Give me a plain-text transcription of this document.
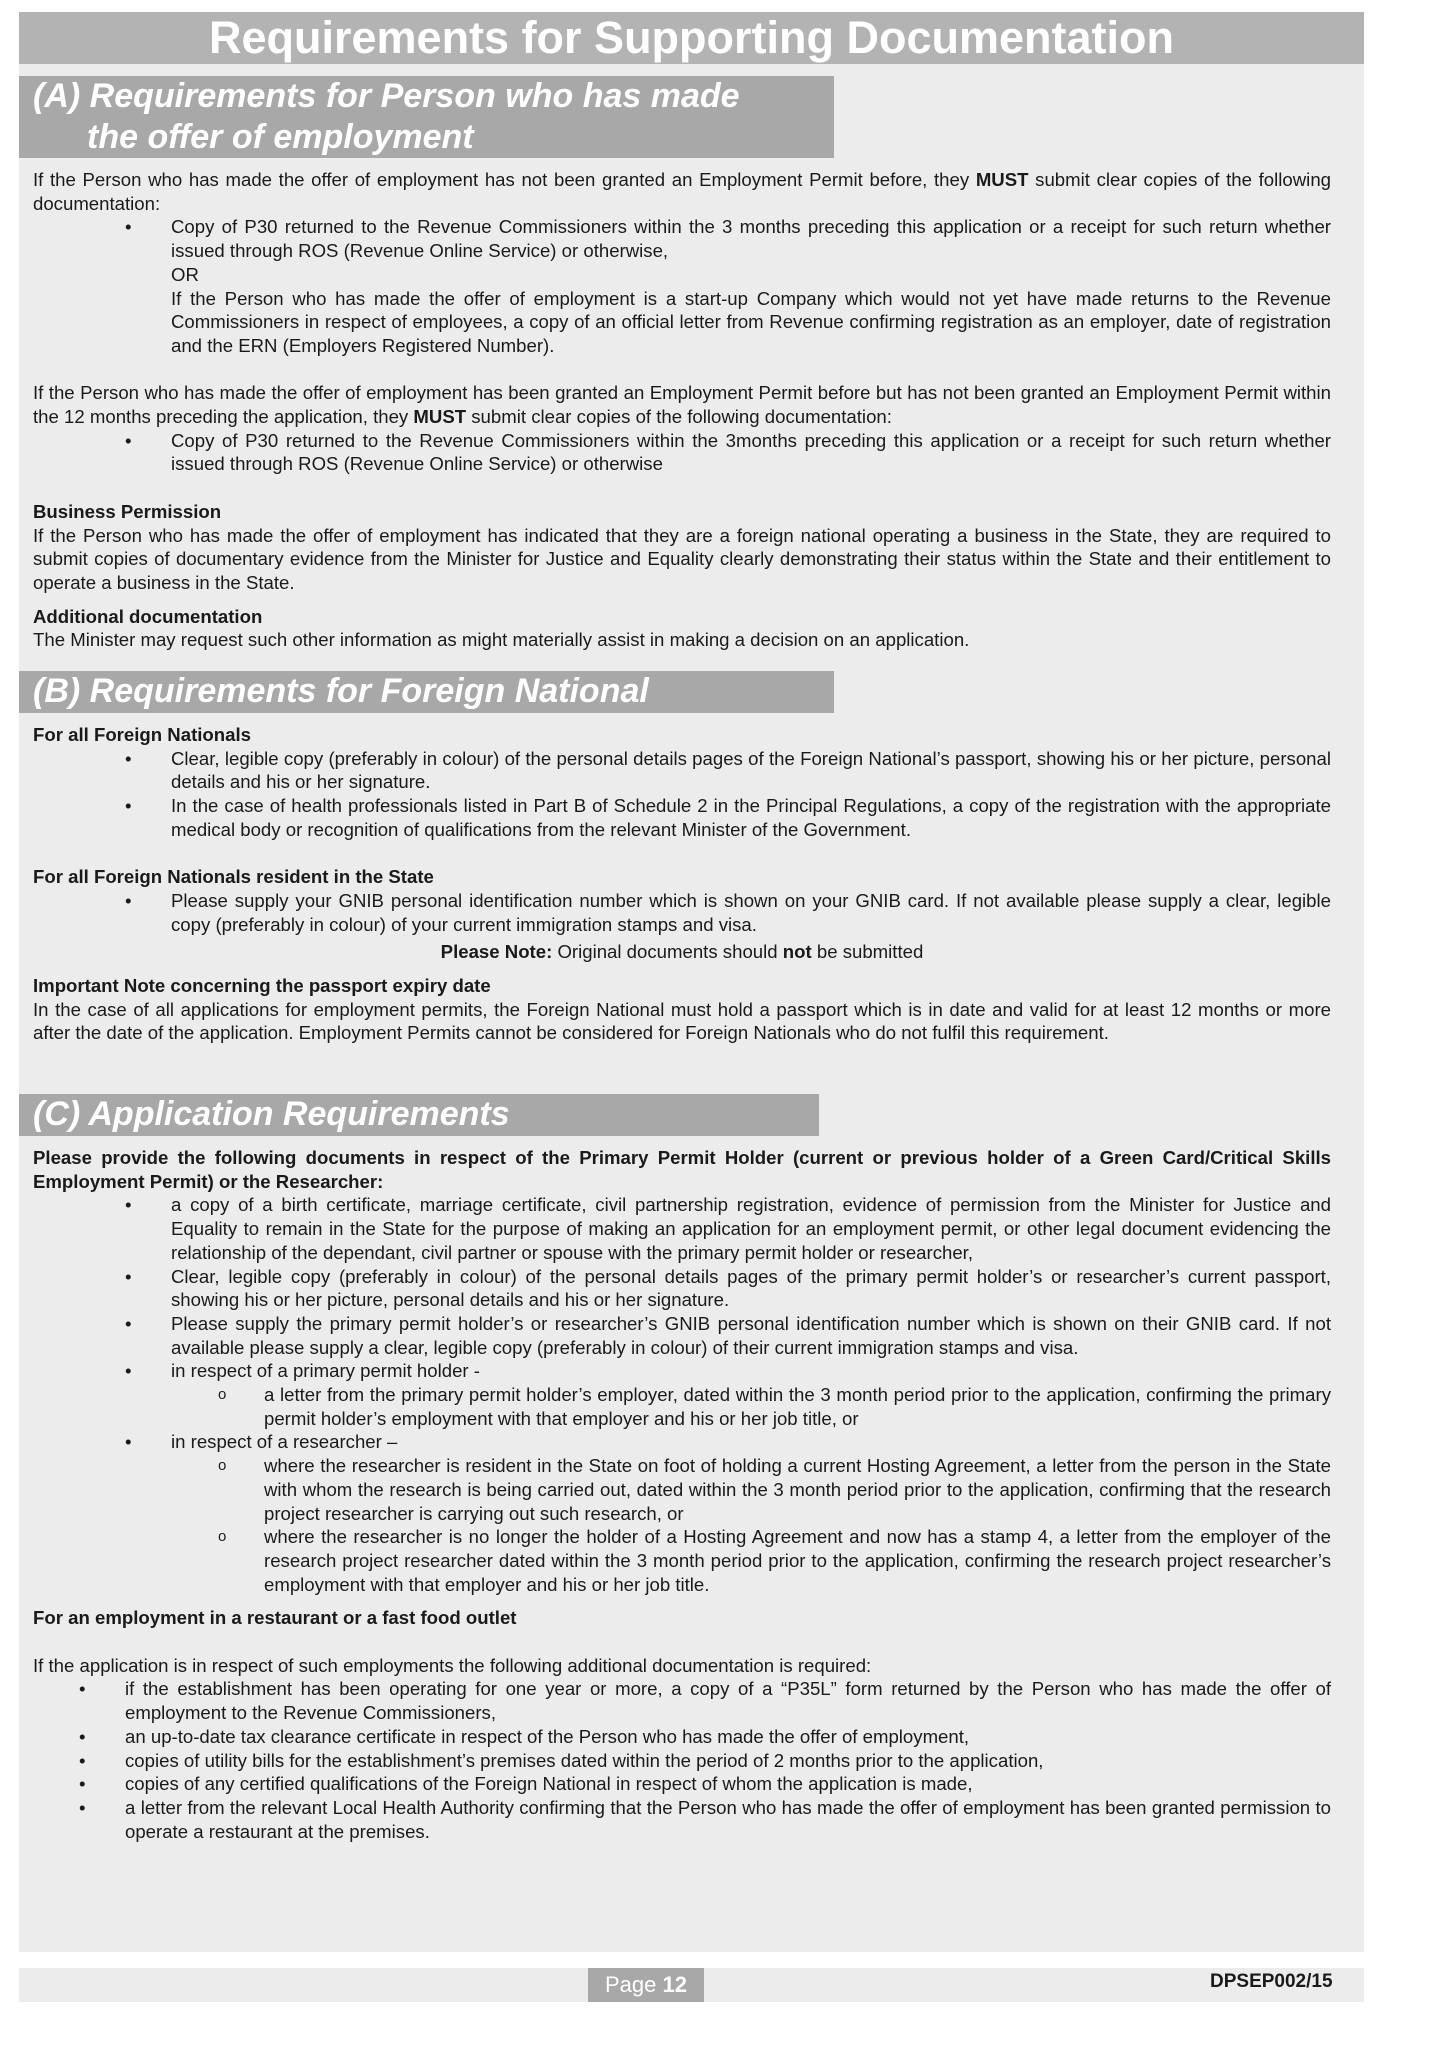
Requirements for Supporting Documentation
(A) Requirements for Person who has made
the offer of employment

If the Person who has made the offer of employment has not been granted an Employment Permit before, they MUST submit clear copies of the following documentation:

• Copy of P30 returned to the Revenue Commissioners within the 3 months preceding this application or a receipt for such return whether issued through ROS (Revenue Online Service) or otherwise,

OR

If the Person who has made the offer of employment is a start-up Company which would not yet have made returns to the Revenue Commissioners in respect of employees, a copy of an official letter from Revenue confirming registration as an employer, date of registration and the ERN (Employers Registered Number).

If the Person who has made the offer of employment has been granted an Employment Permit before but has not been granted an Employment Permit within the 12 months preceding the application, they MUST submit clear copies of the following documentation:

• Copy of P30 returned to the Revenue Commissioners within the 3months preceding this application or a receipt for such return whether issued through ROS (Revenue Online Service) or otherwise

Business Permission

If the Person who has made the offer of employment has indicated that they are a foreign national operating a business in the State, they are required to submit copies of documentary evidence from the Minister for Justice and Equality clearly demonstrating their status within the State and their entitlement to operate a business in the State.

Additional documentation

The Minister may request such other information as might materially assist in making a decision on an application.

(B) Requirements for Foreign National

For all Foreign Nationals

• Clear, legible copy (preferably in colour) of the personal details pages of the Foreign National’s passport, showing his or her picture, personal details and his or her signature.

• In the case of health professionals listed in Part B of Schedule 2 in the Principal Regulations, a copy of the registration with the appropriate medical body or recognition of qualifications from the relevant Minister of the Government.

For all Foreign Nationals resident in the State

• Please supply your GNIB personal identification number which is shown on your GNIB card. If not available please supply a clear, legible copy (preferably in colour) of your current immigration stamps and visa.

Please Note: Original documents should not be submitted

Important Note concerning the passport expiry date

In the case of all applications for employment permits, the Foreign National must hold a passport which is in date and valid for at least 12 months or more after the date of the application. Employment Permits cannot be considered for Foreign Nationals who do not fulfil this requirement.

(C) Application Requirements

Please provide the following documents in respect of the Primary Permit Holder (current or previous holder of a Green Card/Critical Skills Employment Permit) or the Researcher:

• a copy of a birth certificate, marriage certificate, civil partnership registration, evidence of permission from the Minister for Justice and Equality to remain in the State for the purpose of making an application for an employment permit, or other legal document evidencing the relationship of the dependant, civil partner or spouse with the primary permit holder or researcher,

• Clear, legible copy (preferably in colour) of the personal details pages of the primary permit holder’s or researcher’s current passport, showing his or her picture, personal details and his or her signature.

• Please supply the primary permit holder’s or researcher’s GNIB personal identification number which is shown on their GNIB card. If not available please supply a clear, legible copy (preferably in colour) of their current immigration stamps and visa.

• in respect of a primary permit holder -

o a letter from the primary permit holder’s employer, dated within the 3 month period prior to the application, confirming the primary permit holder’s employment with that employer and his or her job title, or

• in respect of a researcher –

o where the researcher is resident in the State on foot of holding a current Hosting Agreement, a letter from the person in the State with whom the research is being carried out, dated within the 3 month period prior to the application, confirming that the research project researcher is carrying out such research, or

o where the researcher is no longer the holder of a Hosting Agreement and now has a stamp 4, a letter from the employer of the research project researcher dated within the 3 month period prior to the application, confirming the research project researcher’s employment with that employer and his or her job title.

For an employment in a restaurant or a fast food outlet

If the application is in respect of such employments the following additional documentation is required:

• if the establishment has been operating for one year or more, a copy of a “P35L” form returned by the Person who has made the offer of employment to the Revenue Commissioners,

• an up-to-date tax clearance certificate in respect of the Person who has made the offer of employment,

• copies of utility bills for the establishment’s premises dated within the period of 2 months prior to the application,

• copies of any certified qualifications of the Foreign National in respect of whom the application is made,

• a letter from the relevant Local Health Authority confirming that the Person who has made the offer of employment has been granted permission to operate a restaurant at the premises.

Page 12	DPSEP002/15
